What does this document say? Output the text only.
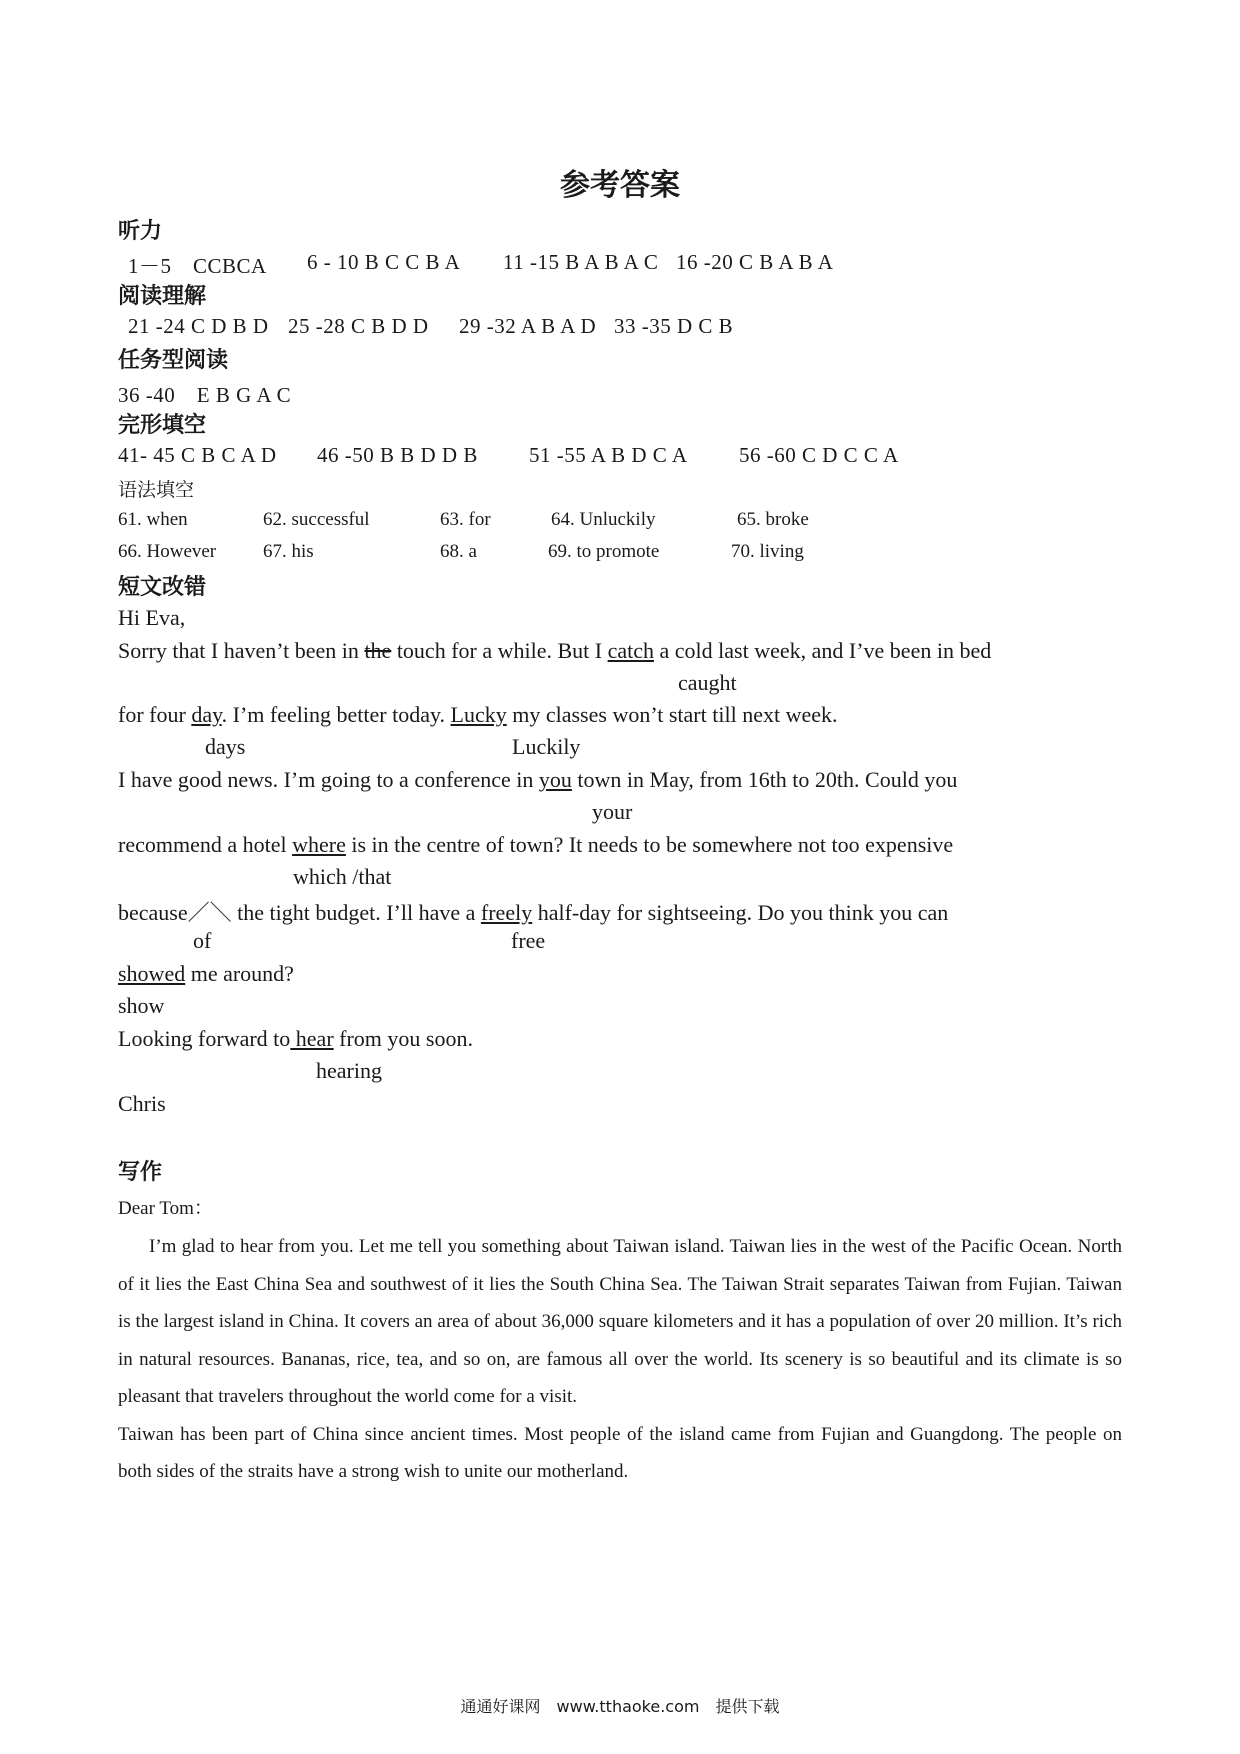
参考答案
听力
1－5　CCBCA 6 - 10 B C C B A 11 -15 B A B A C 16 -20 C B A B A
阅读理解
21 -24 C D B D 25 -28 C B D D 29 -32 A B A D 33 -35 D C B
任务型阅读
36 -40　E B G A C
完形填空
41- 45 C B C A D 46 -50 B B D D B 51 -55 A B D C A 56 -60 C D C C A
语法填空
61. when	62. successful	63. for	64. Unluckily	65. broke
66. However 67. his	68. a	69. to promote	70. living
短文改错
Hi Eva,
Sorry that I haven’t been in the touch for a while. But I catch a cold last week, and I’ve been in bed
caught
for four day. I’m feeling better today. Lucky my classes won’t start till next week.
days	Luckily
I have good news. I’m going to a conference in you town in May, from 16th to 20th. Could you
your
recommend a hotel where is in the centre of town? It needs to be somewhere not too expensive
which /that
because／＼ the tight budget. I’ll have a freely half-day for sightseeing. Do you think you can
of	free
showed me around?
show
Looking forward to hear from you soon.
hearing
Chris
写作
Dear Tom：

I’m glad to hear from you. Let me tell you something about Taiwan island. Taiwan lies in the west of the Pacific Ocean. North of it lies the East China Sea and southwest of it lies the South China Sea. The Taiwan Strait separates Taiwan from Fujian. Taiwan is the largest island in China. It covers an area of about 36,000 square kilometers and it has a population of over 20 million. It’s rich in natural resources. Bananas, rice, tea, and so on, are famous all over the world. Its scenery is so beautiful and its climate is so pleasant that travelers throughout the world come for a visit.

Taiwan has been part of China since ancient times. Most people of the island came from Fujian and Guangdong. The people on both sides of the straits have a strong wish to unite our motherland.

通通好课网　www.tthaoke.com　提供下载
